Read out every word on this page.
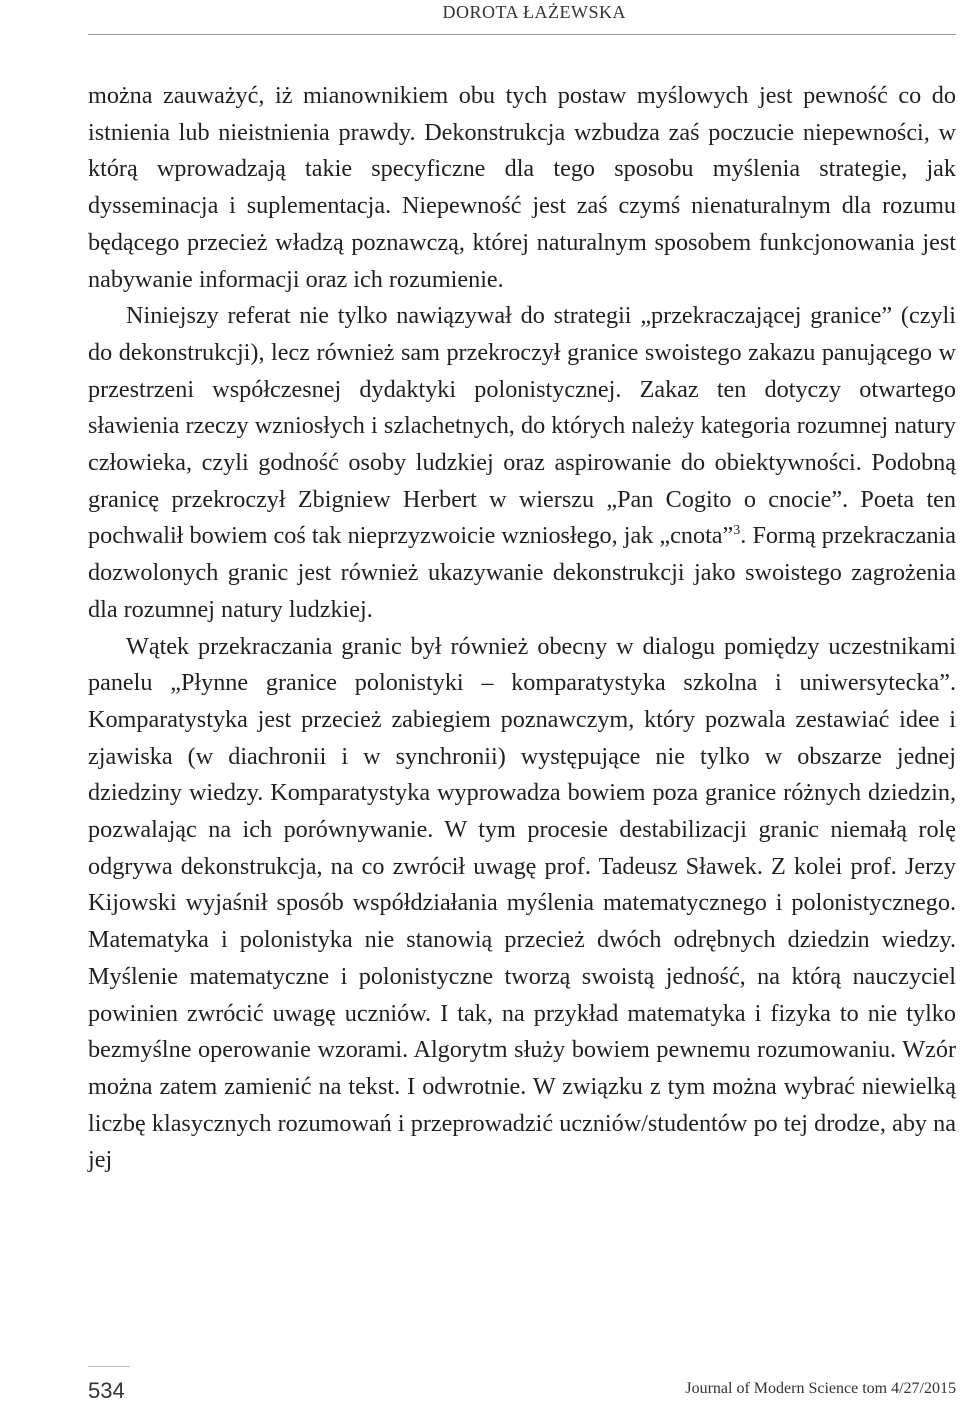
DOROTA ŁAŻEWSKA

można zauważyć, iż mianownikiem obu tych postaw myślowych jest pewność co do istnienia lub nieistnienia prawdy. Dekonstrukcja wzbudza zaś poczucie niepewności, w którą wprowadzają takie specyficzne dla tego sposobu myślenia strategie, jak dysseminacja i suplementacja. Niepewność jest zaś czymś nienaturalnym dla rozumu będącego przecież władzą poznawczą, której naturalnym sposobem funkcjonowania jest nabywanie informacji oraz ich rozumienie.

Niniejszy referat nie tylko nawiązywał do strategii „przekraczającej granice” (czyli do dekonstrukcji), lecz również sam przekroczył granice swoistego zakazu panującego w przestrzeni współczesnej dydaktyki polonistycznej. Zakaz ten dotyczy otwartego sławienia rzeczy wzniosłych i szlachetnych, do których należy kategoria rozumnej natury człowieka, czyli godność osoby ludzkiej oraz aspirowanie do obiektywności. Podobną granicę przekroczył Zbigniew Herbert w wierszu „Pan Cogito o cnocie”. Poeta ten pochwalił bowiem coś tak nieprzyzwoicie wzniosłego, jak „cnota”$^3$. Formą przekraczania dozwolonych granic jest również ukazywanie dekonstrukcji jako swoistego zagrożenia dla rozumnej natury ludzkiej.

Wątek przekraczania granic był również obecny w dialogu pomiędzy uczestnikami panelu „Płynne granice polonistyki – komparatystyka szkolna i uniwersytecka”. Komparatystyka jest przecież zabiegiem poznawczym, który pozwala zestawiać idee i zjawiska (w diachronii i w synchronii) występujące nie tylko w obszarze jednej dziedziny wiedzy. Komparatystyka wyprowadza bowiem poza granice różnych dziedzin, pozwalając na ich porównywanie. W tym procesie destabilizacji granic niemałą rolę odgrywa dekonstrukcja, na co zwrócił uwagę prof. Tadeusz Sławek. Z kolei prof. Jerzy Kijowski wyjaśnił sposób współdziałania myślenia matematycznego i polonistycznego. Matematyka i polonistyka nie stanowią przecież dwóch odrębnych dziedzin wiedzy. Myślenie matematyczne i polonistyczne tworzą swoistą jedność, na którą nauczyciel powinien zwrócić uwagę uczniów. I tak, na przykład matematyka i fizyka to nie tylko bezmyślne operowanie wzorami. Algorytm służy bowiem pewnemu rozumowaniu. Wzór można zatem zamienić na tekst. I odwrotnie. W związku z tym można wybrać niewielką liczbę klasycznych rozumowań i przeprowadzić uczniów/studentów po tej drodze, aby na jej

534	Journal of Modern Science tom 4/27/2015
